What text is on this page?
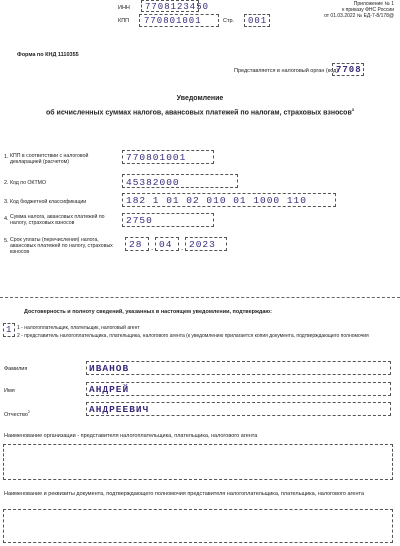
ИНН 7708123450
КПП 770801001	Стр. 001
Приложение № 1
к приказу ФНС России
от 01.03.2022 № ЕД-7-8/178@
Форма по КНД 1110355
Представляется в налоговый орган (код)
7708
Уведомление
об исчисленных суммах налогов, авансовых платежей по налогам, страховых взносов$^3$
1. КПП в соответствии с налоговой декларацией (расчетом)	770801001
2. Код по ОКТМО	45382000
3. Код бюджетной классификации	182 1 01 02 010 01 1000 110
4. Сумма налога, авансовых платежей по налогу, страховых взносов	2750
5. Срок уплаты (перечисления) налога, авансовых платежей по налогу, страховых взносов
28 . 04 . 2023
Достоверность и полноту сведений, указанных в настоящем уведомлении, подтверждаю:
1 1 - налогоплательщик, плательщик, налоговый агент
2 - представитель налогоплательщика, плательщика, налогового агента (к уведомлению прилагается копия документа, подтверждающего полномочия
Фамилия	ИВАНОВ
Имя	АНДРЕЙ
Отчество$^2$	АНДРЕЕВИЧ
Наименование организации - представителя налогоплательщика, плательщика, налогового агента
Наименование и реквизиты документа, подтверждающего полномочия представителя налогоплательщика, плательщика, налогового агента
